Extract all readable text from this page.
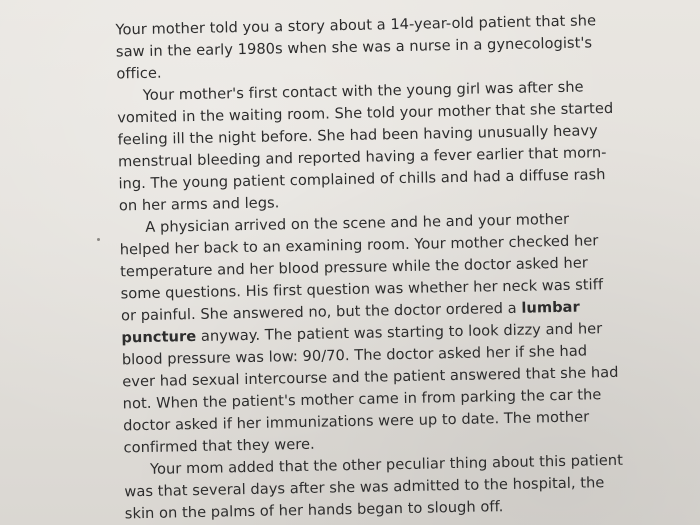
Your mother told you a story about a 14-year-old patient that she
saw in the early 1980s when she was a nurse in a gynecologist's
office.
Your mother's first contact with the young girl was after she
vomited in the waiting room. She told your mother that she started
feeling ill the night before. She had been having unusually heavy
menstrual bleeding and reported having a fever earlier that morn-
ing. The young patient complained of chills and had a diffuse rash
on her arms and legs.
A physician arrived on the scene and he and your mother
helped her back to an examining room. Your mother checked her
temperature and her blood pressure while the doctor asked her
some questions. His first question was whether her neck was stiff
or painful. She answered no, but the doctor ordered a lumbar
puncture anyway. The patient was starting to look dizzy and her
blood pressure was low: 90/70. The doctor asked her if she had
ever had sexual intercourse and the patient answered that she had
not. When the patient's mother came in from parking the car the
doctor asked if her immunizations were up to date. The mother
confirmed that they were.
Your mom added that the other peculiar thing about this patient
was that several days after she was admitted to the hospital, the
skin on the palms of her hands began to slough off.
